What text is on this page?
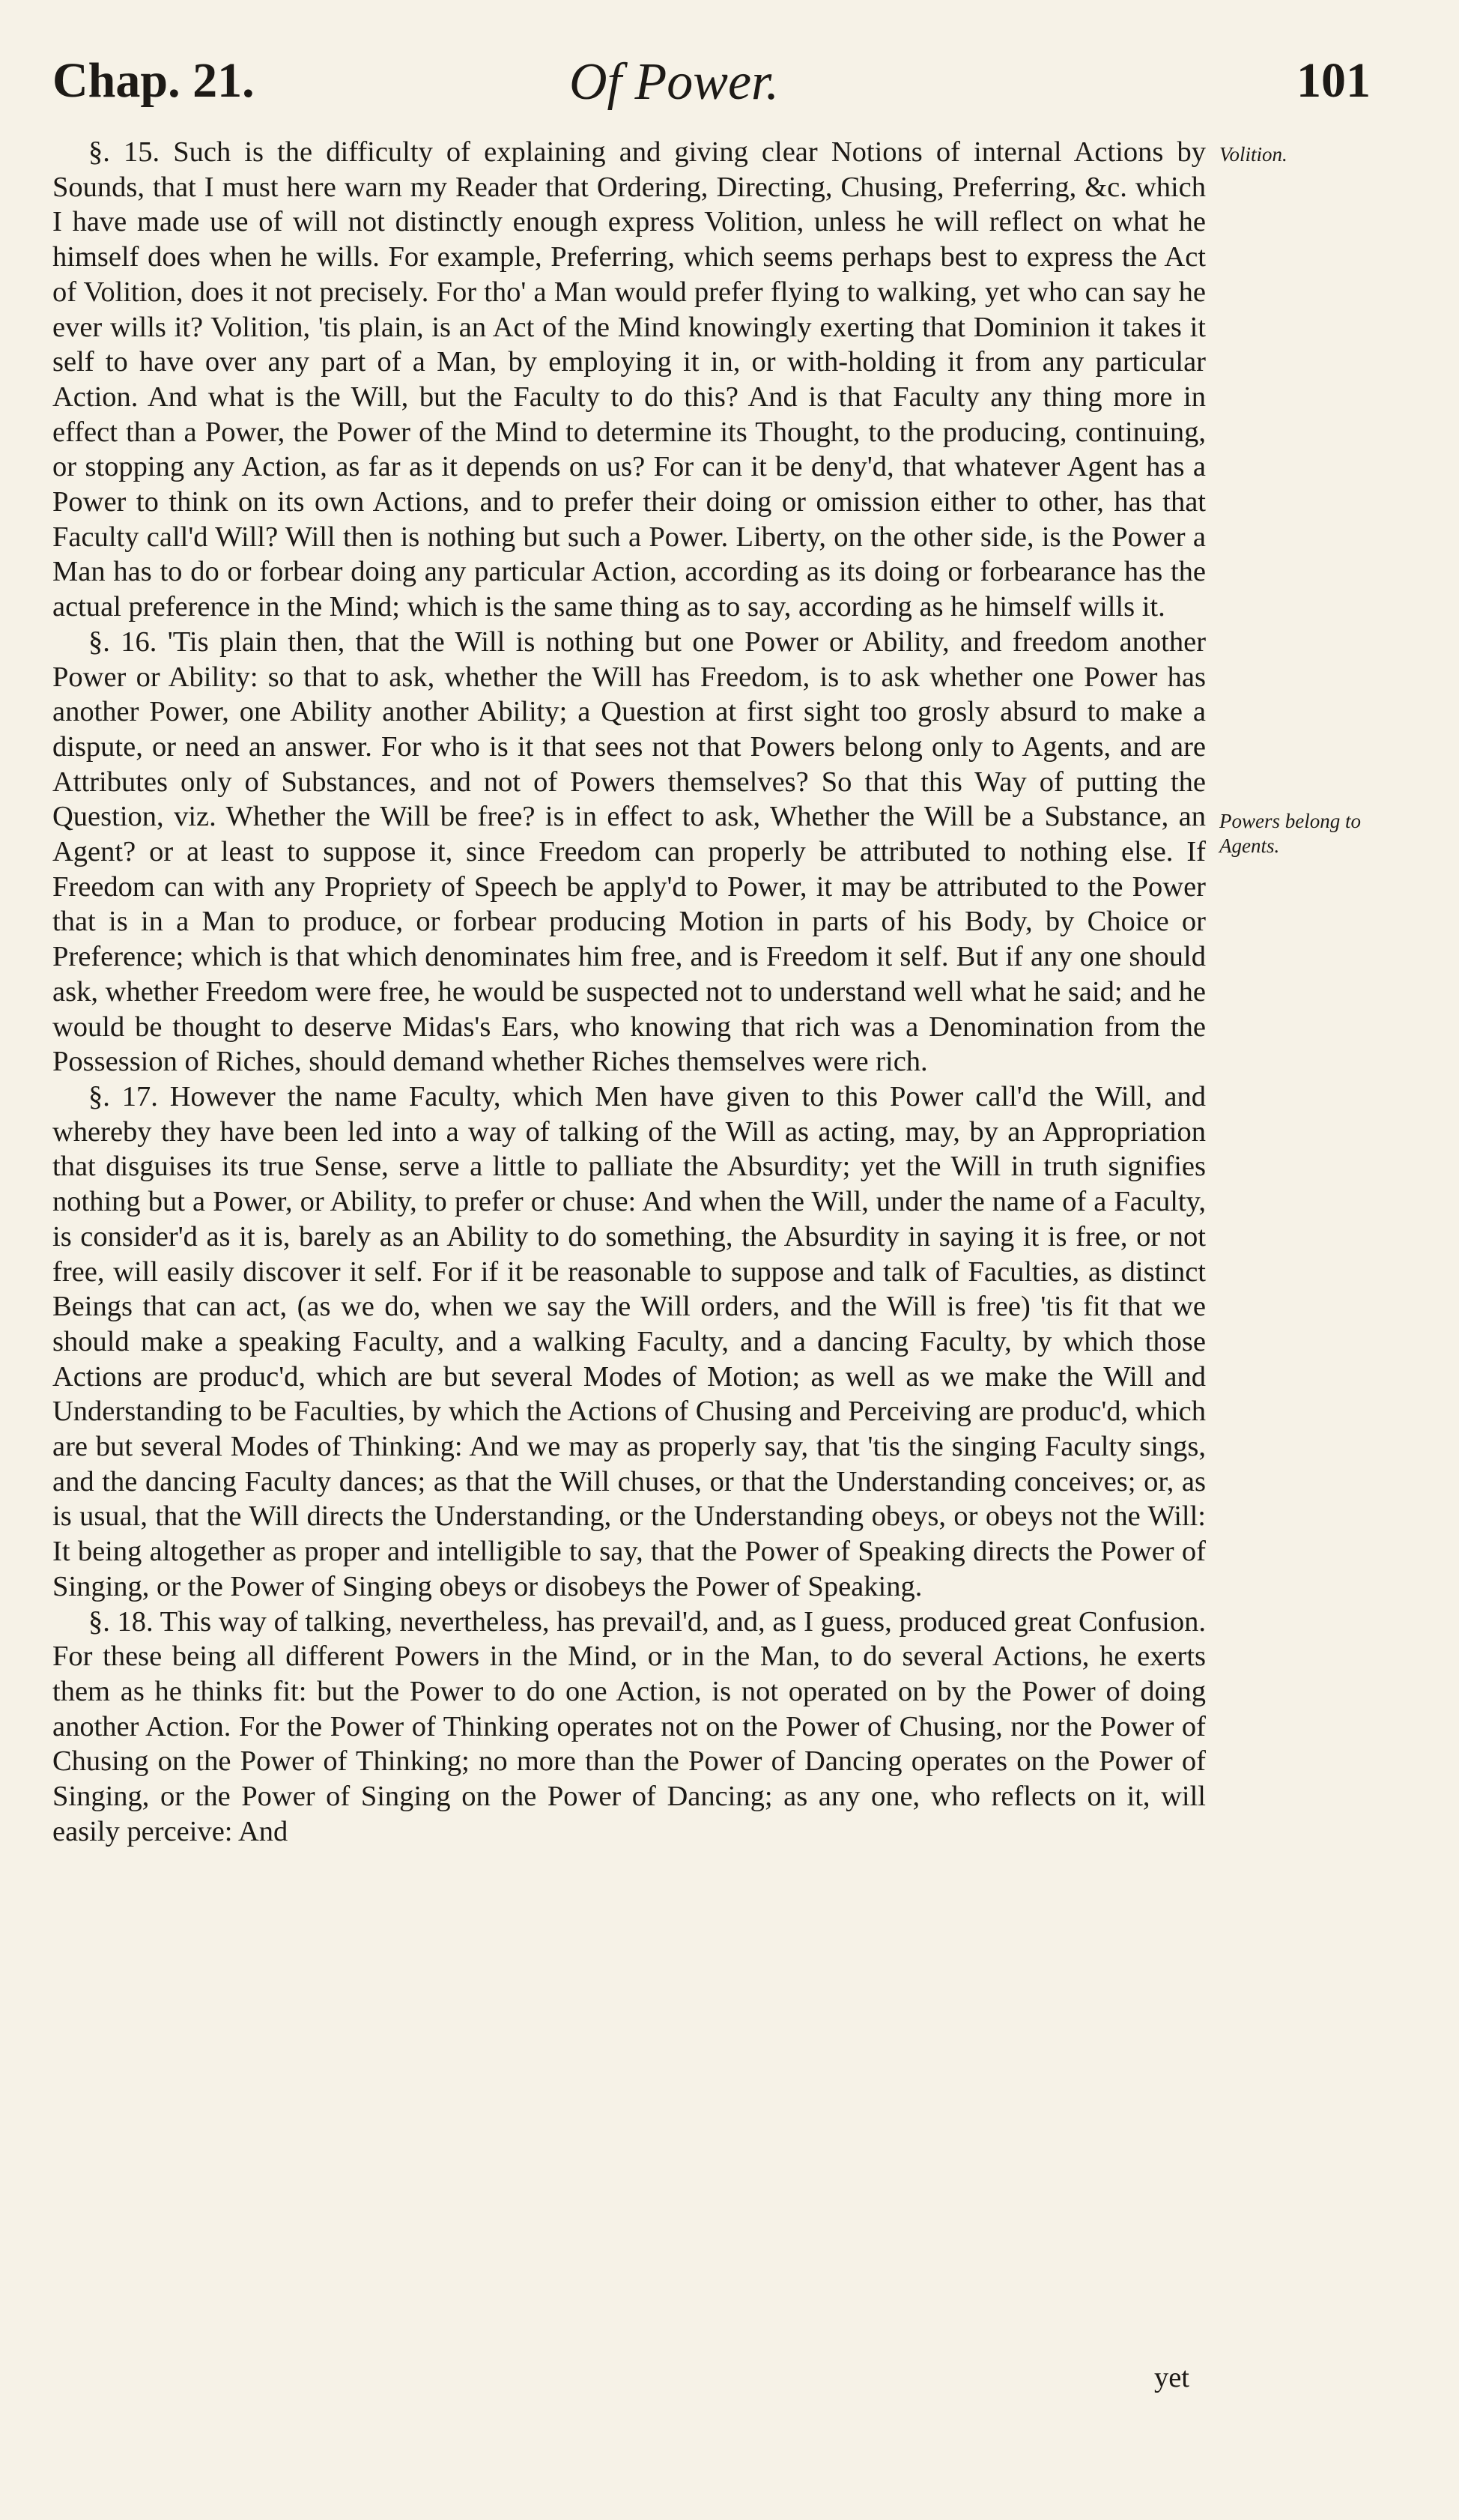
Chap. 21.	Of Power.	101
Volition.
Powers belong to Agents.

§. 15. Such is the difficulty of explaining and giving clear Notions of internal Actions by Sounds, that I must here warn my Reader that Ordering, Directing, Chusing, Preferring, &c. which I have made use of will not distinctly enough express Volition, unless he will reflect on what he himself does when he wills. For example, Preferring, which seems perhaps best to express the Act of Volition, does it not precisely. For tho' a Man would prefer flying to walking, yet who can say he ever wills it? Volition, 'tis plain, is an Act of the Mind knowingly exerting that Dominion it takes it self to have over any part of a Man, by employing it in, or with-holding it from any particular Action. And what is the Will, but the Faculty to do this? And is that Faculty any thing more in effect than a Power, the Power of the Mind to determine its Thought, to the producing, continuing, or stopping any Action, as far as it depends on us? For can it be deny'd, that whatever Agent has a Power to think on its own Actions, and to prefer their doing or omission either to other, has that Faculty call'd Will? Will then is nothing but such a Power. Liberty, on the other side, is the Power a Man has to do or forbear doing any particular Action, according as its doing or forbearance has the actual preference in the Mind; which is the same thing as to say, according as he himself wills it.

§. 16. 'Tis plain then, that the Will is nothing but one Power or Ability, and freedom another Power or Ability: so that to ask, whether the Will has Freedom, is to ask whether one Power has another Power, one Ability another Ability; a Question at first sight too grosly absurd to make a dispute, or need an answer. For who is it that sees not that Powers belong only to Agents, and are Attributes only of Substances, and not of Powers themselves? So that this Way of putting the Question, viz. Whether the Will be free? is in effect to ask, Whether the Will be a Substance, an Agent? or at least to suppose it, since Freedom can properly be attributed to nothing else. If Freedom can with any Propriety of Speech be apply'd to Power, it may be attributed to the Power that is in a Man to produce, or forbear producing Motion in parts of his Body, by Choice or Preference; which is that which denominates him free, and is Freedom it self. But if any one should ask, whether Freedom were free, he would be suspected not to understand well what he said; and he would be thought to deserve Midas's Ears, who knowing that rich was a Denomination from the Possession of Riches, should demand whether Riches themselves were rich.

§. 17. However the name Faculty, which Men have given to this Power call'd the Will, and whereby they have been led into a way of talking of the Will as acting, may, by an Appropriation that disguises its true Sense, serve a little to palliate the Absurdity; yet the Will in truth signifies nothing but a Power, or Ability, to prefer or chuse: And when the Will, under the name of a Faculty, is consider'd as it is, barely as an Ability to do something, the Absurdity in saying it is free, or not free, will easily discover it self. For if it be reasonable to suppose and talk of Faculties, as distinct Beings that can act, (as we do, when we say the Will orders, and the Will is free) 'tis fit that we should make a speaking Faculty, and a walking Faculty, and a dancing Faculty, by which those Actions are produc'd, which are but several Modes of Motion; as well as we make the Will and Understanding to be Faculties, by which the Actions of Chusing and Perceiving are produc'd, which are but several Modes of Thinking: And we may as properly say, that 'tis the singing Faculty sings, and the dancing Faculty dances; as that the Will chuses, or that the Understanding conceives; or, as is usual, that the Will directs the Understanding, or the Understanding obeys, or obeys not the Will: It being altogether as proper and intelligible to say, that the Power of Speaking directs the Power of Singing, or the Power of Singing obeys or disobeys the Power of Speaking.

§. 18. This way of talking, nevertheless, has prevail'd, and, as I guess, produced great Confusion. For these being all different Powers in the Mind, or in the Man, to do several Actions, he exerts them as he thinks fit: but the Power to do one Action, is not operated on by the Power of doing another Action. For the Power of Thinking operates not on the Power of Chusing, nor the Power of Chusing on the Power of Thinking; no more than the Power of Dancing operates on the Power of Singing, or the Power of Singing on the Power of Dancing; as any one, who reflects on it, will easily perceive: And

yet
